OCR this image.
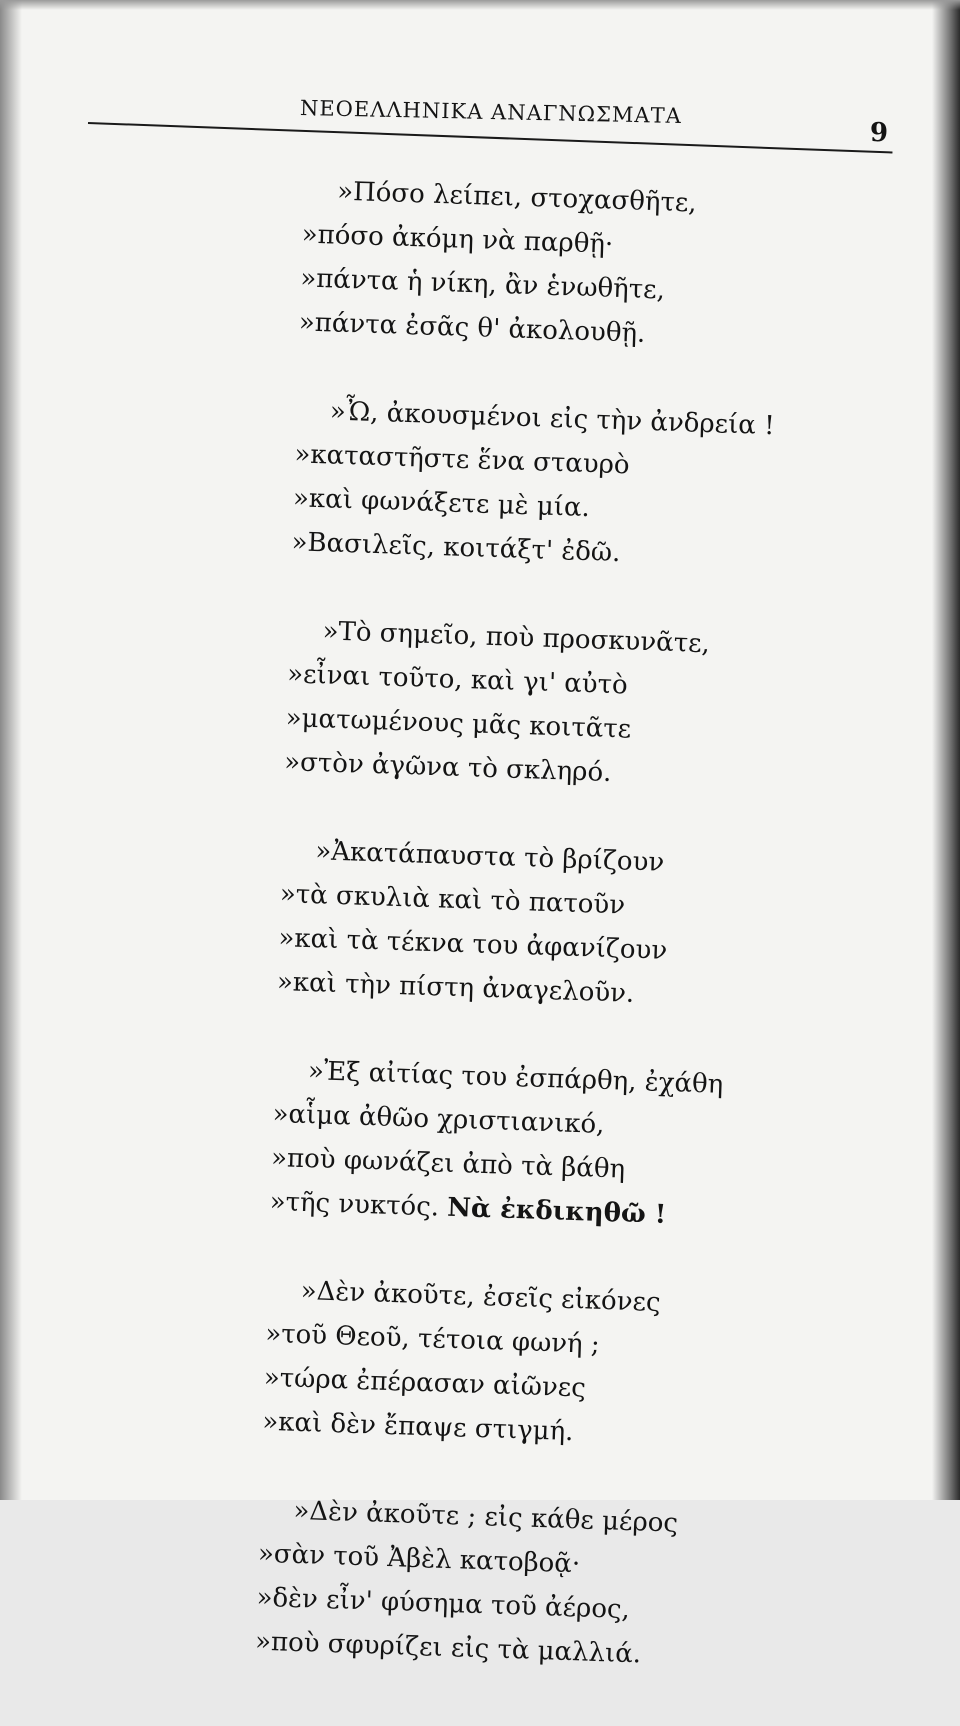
ΝΕΟΕΛΛΗΝΙΚΑ ΑΝΑΓΝΩΣΜΑΤΑ
9
»Πόσο λείπει, στοχασθῆτε,
»πόσο ἀκόμη νὰ παρθῇ·
»πάντα ἡ νίκη, ἂν ἑνωθῆτε,
»πάντα ἐσᾶς θ' ἀκολουθῇ.
»Ὦ, ἀκουσμένοι εἰς τὴν ἀνδρεία !
»καταστῆστε ἕνα σταυρὸ
»καὶ φωνάξετε μὲ μία.
»Βασιλεῖς, κοιτάξτ' ἐδῶ.
»Τὸ σημεῖο, ποὺ προσκυνᾶτε,
»εἶναι τοῦτο, καὶ γι' αὐτὸ
»ματωμένους μᾶς κοιτᾶτε
»στὸν ἀγῶνα τὸ σκληρό.
»Ἀκατάπαυστα τὸ βρίζουν
»τὰ σκυλιὰ καὶ τὸ πατοῦν
»καὶ τὰ τέκνα του ἀφανίζουν
»καὶ τὴν πίστη ἀναγελοῦν.
»Ἐξ αἰτίας του ἐσπάρθη, ἐχάθη
»αἷμα ἀθῶο χριστιανικό,
»ποὺ φωνάζει ἀπὸ τὰ βάθη
»τῆς νυκτός. Νὰ ἐκδικηθῶ !
»Δὲν ἀκοῦτε, ἐσεῖς εἰκόνες
»τοῦ Θεοῦ, τέτοια φωνή ;
»τώρα ἐπέρασαν αἰῶνες
»καὶ δὲν ἔπαψε στιγμή.
»Δὲν ἀκοῦτε ; εἰς κάθε μέρος
»σὰν τοῦ Ἀβὲλ κατοβοᾷ·
»δὲν εἶν' φύσημα τοῦ ἀέρος,
»ποὺ σφυρίζει εἰς τὰ μαλλιά.
